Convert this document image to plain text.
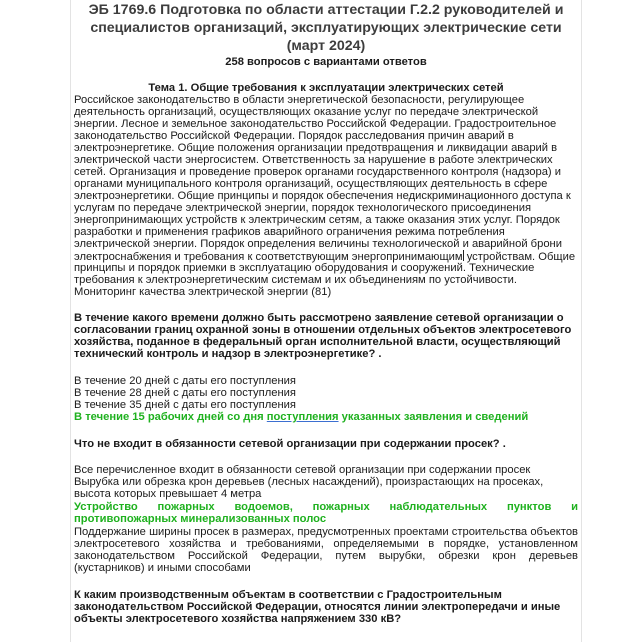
ЭБ 1769.6 Подготовка по области аттестации Г.2.2 руководителей и
специалистов организаций, эксплуатирующих электрические сети
(март 2024)
258 вопросов с вариантами ответов
Тема 1. Общие требования к эксплуатации электрических сетей
Российское законодательство в области энергетической безопасности, регулирующее
деятельность организаций, осуществляющих оказание услуг по передаче электрической
энергии. Лесное и земельное законодательство Российской Федерации. Градостроительное
законодательство Российской Федерации. Порядок расследования причин аварий в
электроэнергетике. Общие положения организации предотвращения и ликвидации аварий в
электрической части энергосистем. Ответственность за нарушение в работе электрических
сетей. Организация и проведение проверок органами государственного контроля (надзора) и
органами муниципального контроля организаций, осуществляющих деятельность в сфере
электроэнергетики. Общие принципы и порядок обеспечения недискриминационного доступа к
услугам по передаче электрической энергии, порядок технологического присоединения
энергопринимающих устройств к электрическим сетям, а также оказания этих услуг. Порядок
разработки и применения графиков аварийного ограничения режима потребления
электрической энергии. Порядок определения величины технологической и аварийной брони
электроснабжения и требования к соответствующим энергопринимающим устройствам. Общие
принципы и порядок приемки в эксплуатацию оборудования и сооружений. Технические
требования к электроэнергетическим системам и их объединениям по устойчивости.
Мониторинг качества электрической энергии (81)
В течение какого времени должно быть рассмотрено заявление сетевой организации о
согласовании границ охранной зоны в отношении отдельных объектов электросетевого
хозяйства, поданное в федеральный орган исполнительной власти, осуществляющий
технический контроль и надзор в электроэнергетике? .
В течение 20 дней с даты его поступления
В течение 28 дней с даты его поступления
В течение 35 дней с даты его поступления
В течение 15 рабочих дней со дня поступления указанных заявления и сведений
Что не входит в обязанности сетевой организации при содержании просек? .
Все перечисленное входит в обязанности сетевой организации при содержании просек
Вырубка или обрезка крон деревьев (лесных насаждений), произрастающих на просеках,
высота которых превышает 4 метра
Устройство пожарных водоемов, пожарных наблюдательных пунктов и
противопожарных минерализованных полос
Поддержание ширины просек в размерах, предусмотренных проектами строительства объектов
электросетевого хозяйства и требованиями, определяемыми в порядке, установленном
законодательством Российской Федерации, путем вырубки, обрезки крон деревьев
(кустарников) и иными способами
К каким производственным объектам в соответствии с Градостроительным
законодательством Российской Федерации, относятся линии электропередачи и иные
объекты электросетевого хозяйства напряжением 330 кВ?
